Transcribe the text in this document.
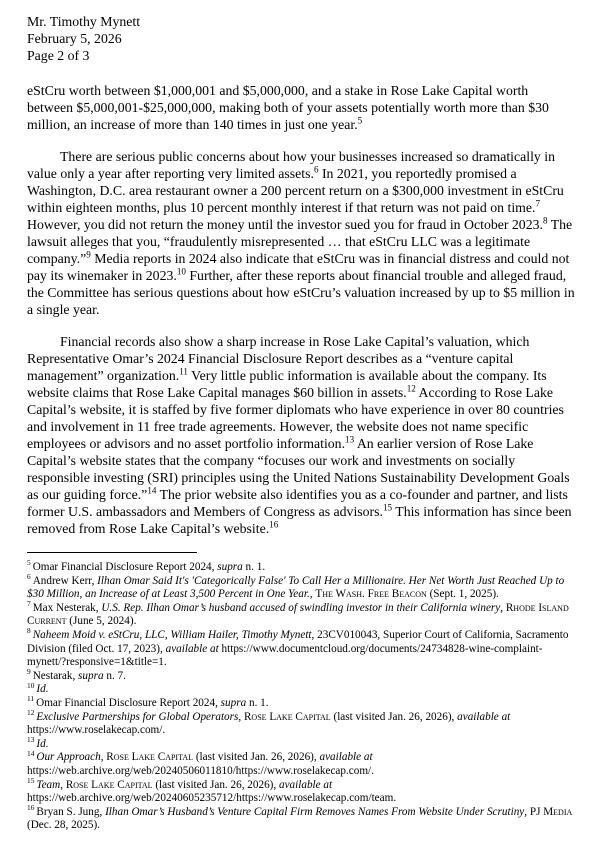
Mr. Timothy Mynett
February 5, 2026
Page 2 of 3

eStCru worth between $1,000,001 and $5,000,000, and a stake in Rose Lake Capital worth between $5,000,001-$25,000,000, making both of your assets potentially worth more than $30 million, an increase of more than 140 times in just one year.$^5$

There are serious public concerns about how your businesses increased so dramatically in value only a year after reporting very limited assets.$^6$ In 2021, you reportedly promised a Washington, D.C. area restaurant owner a 200 percent return on a $300,000 investment in eStCru within eighteen months, plus 10 percent monthly interest if that return was not paid on time.$^7$ However, you did not return the money until the investor sued you for fraud in October 2023.$^8$ The lawsuit alleges that you, “fraudulently misrepresented … that eStCru LLC was a legitimate company.”$^9$ Media reports in 2024 also indicate that eStCru was in financial distress and could not pay its winemaker in 2023.10 Further, after these reports about financial trouble and alleged fraud, the Committee has serious questions about how eStCru’s valuation increased by up to $5 million in a single year.

Financial records also show a sharp increase in Rose Lake Capital’s valuation, which Representative Omar’s 2024 Financial Disclosure Report describes as a “venture capital management” organization.$^{11}$ Very little public information is available about the company. Its website claims that Rose Lake Capital manages $60 billion in assets.$^{12}$ According to Rose Lake Capital’s website, it is staffed by five former diplomats who have experience in over 80 countries and involvement in 11 free trade agreements. However, the website does not name specific employees or advisors and no asset portfolio information.$^{13}$ An earlier version of Rose Lake Capital’s website states that the company “focuses our work and investments on socially responsible investing (SRI) principles using the United Nations Sustainability Development Goals as our guiding force.”$^{14}$ The prior website also identifies you as a co-founder and partner, and lists former U.S. ambassadors and Members of Congress as advisors.$^{15}$ This information has since been removed from Rose Lake Capital’s website.$^{16}$

$^5$ Omar Financial Disclosure Report 2024, supra n. 1.
$^6$ Andrew Kerr, Ilhan Omar Said It's 'Categorically False' To Call Her a Millionaire. Her Net Worth Just Reached Up to $30 Million, an Increase of at Least 3,500 Percent in One Year., The Wash. Free Beacon (Sept. 1, 2025).
$^7$ Max Nesterak, U.S. Rep. Ilhan Omar’s husband accused of swindling investor in their California winery, Rhode Island Current (June 5, 2024).
$^8$ Naheem Moid v. eStCru, LLC, William Hailer, Timothy Mynett, 23CV010043, Superior Court of California, Sacramento Division (filed Oct. 17, 2023), available at https://www.documentcloud.org/documents/24734828-wine-complaint-mynett/?responsive=1&title=1.
$^9$ Nestarak, supra n. 7.
$^{10}$ Id.
$^{11}$ Omar Financial Disclosure Report 2024, supra n. 1.
$^{12}$ Exclusive Partnerships for Global Operators, Rose Lake Capital (last visited Jan. 26, 2026), available at https://www.roselakecap.com/.
$^{13}$ Id.
$^{14}$ Our Approach, Rose Lake Capital (last visited Jan. 26, 2026), available at https://web.archive.org/web/20240506011810/https://www.roselakecap.com/.
$^{15}$ Team, Rose Lake Capital (last visited Jan. 26, 2026), available at https://web.archive.org/web/20240605235712/https://www.roselakecap.com/team.
$^{16}$ Bryan S. Jung, Ilhan Omar’s Husband’s Venture Capital Firm Removes Names From Website Under Scrutiny, PJ Media (Dec. 28, 2025).
